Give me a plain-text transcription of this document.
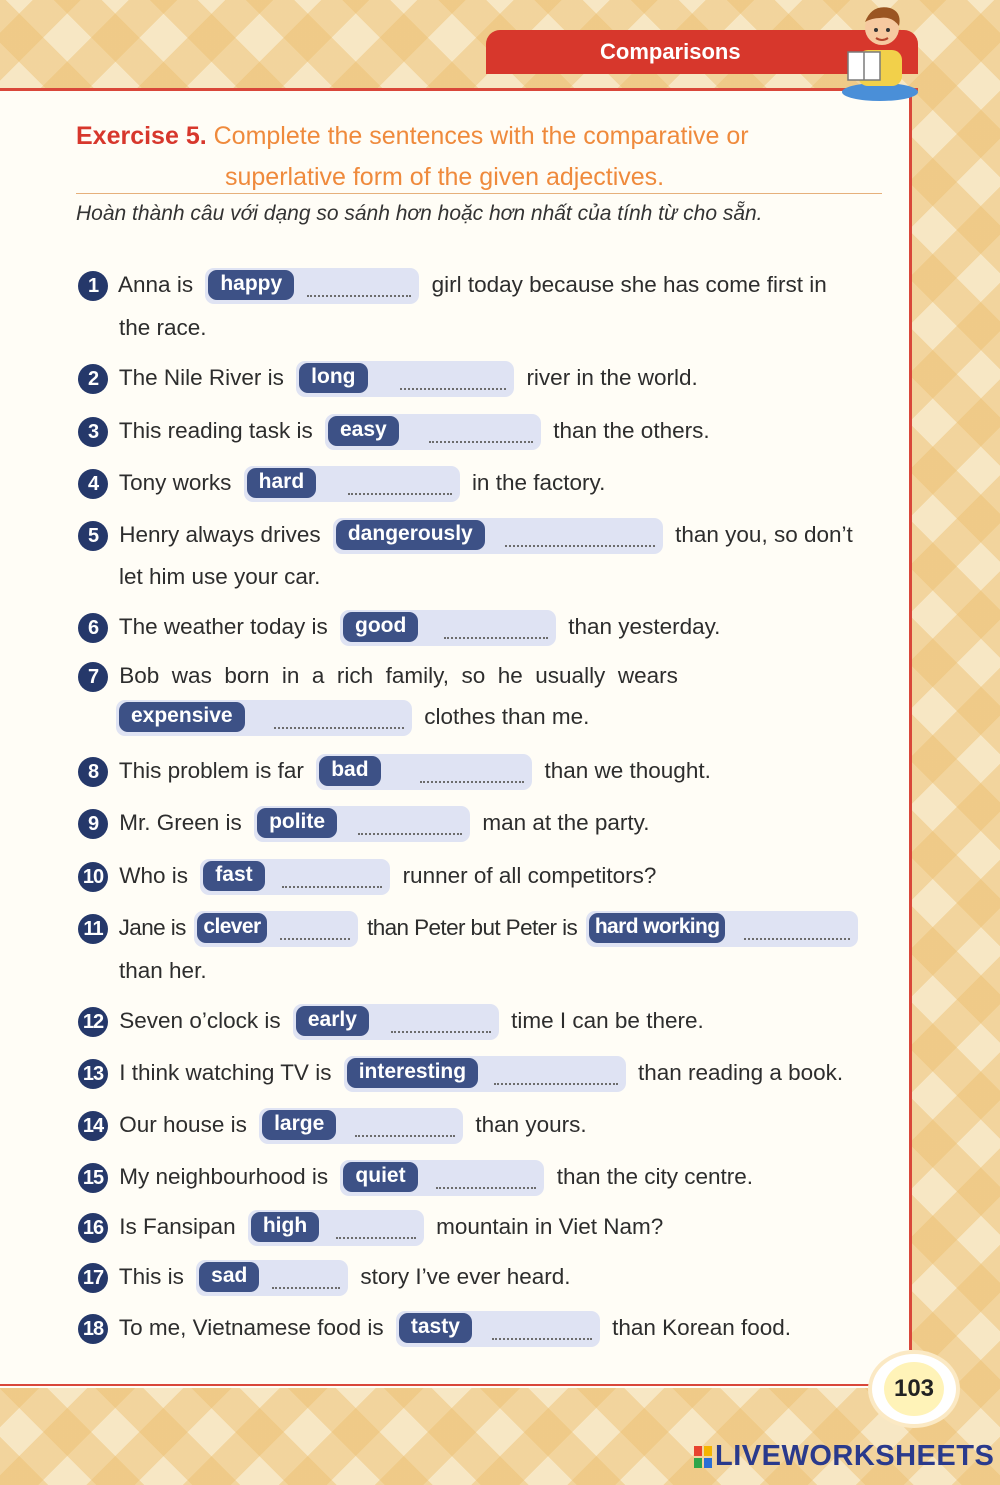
Comparisons
Exercise 5. Complete the sentences with the comparative or
superlative form of the given adjectives.
Hoàn thành câu với dạng so sánh hơn hoặc hơn nhất của tính từ cho sẵn.
1 Anna is	happy	girl today because she has come first in
the race.
2 The Nile River is	long	river in the world.
3 This reading task is	easy	than the others.
4 Tony works	hard	in the factory.
5 Henry always drives	dangerously	than you, so don’t
let him use your car.
6 The weather today is	good	than yesterday.
7 Bob  was  born  in  a  rich  family,  so  he  usually  wears
expensive	clothes than me.
8 This problem is far	bad	than we thought.
9 Mr. Green is	polite	man at the party.
10 Who is	fast	runner of all competitors?
11 Jane is clever	than Peter but Peter is hard working
than her.
12 Seven o’clock is	early	time I can be there.
13 I think watching TV is	interesting	than reading a book.
14 Our house is	large	than yours.
15 My neighbourhood is	quiet	than the city centre.
16 Is Fansipan	high	mountain in Viet Nam?
17 This is	sad	story I’ve ever heard.
18 To me, Vietnamese food is	tasty	than Korean food.
103
LIVEWORKSHEETS
